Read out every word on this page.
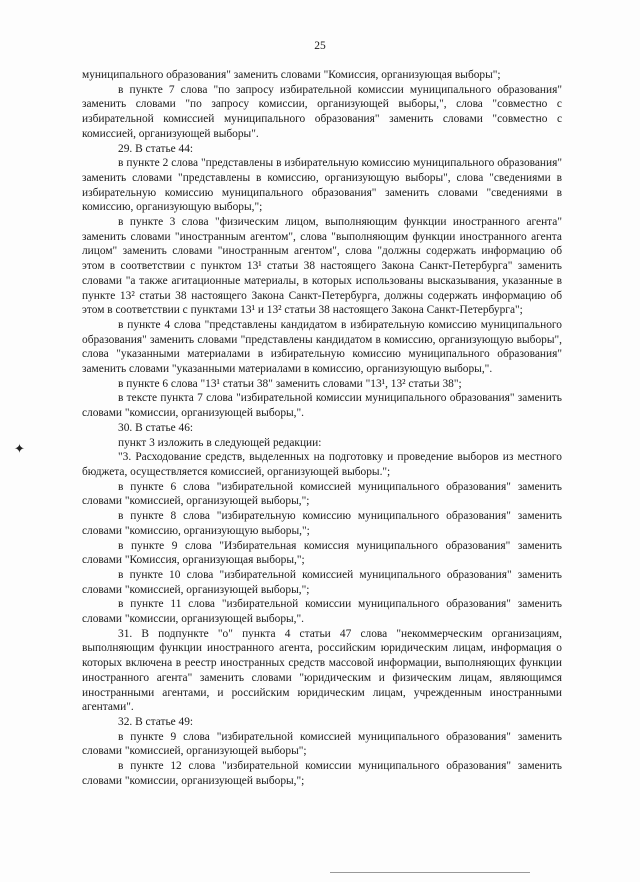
25
✦
муниципального образования" заменить словами "Комиссия, организующая выборы";
в пункте 7 слова "по запросу избирательной комиссии муниципального образования" заменить словами "по запросу комиссии, организующей выборы,", слова "совместно с избирательной комиссией муниципального образования" заменить словами "совместно с комиссией, организующей выборы".
29. В статье 44:
в пункте 2 слова "представлены в избирательную комиссию муниципального образования" заменить словами "представлены в комиссию, организующую выборы", слова "сведениями в избирательную комиссию муниципального образования" заменить словами "сведениями в комиссию, организующую выборы,";
в пункте 3 слова "физическим лицом, выполняющим функции иностранного агента" заменить словами "иностранным агентом", слова "выполняющим функции иностранного агента лицом" заменить словами "иностранным агентом", слова "должны содержать информацию об этом в соответствии с пунктом 13¹ статьи 38 настоящего Закона Санкт-Петербурга" заменить словами "а также агитационные материалы, в которых использованы высказывания, указанные в пункте 13² статьи 38 настоящего Закона Санкт-Петербурга, должны содержать информацию об этом в соответствии с пунктами 13¹ и 13² статьи 38 настоящего Закона Санкт-Петербурга";
в пункте 4 слова "представлены кандидатом в избирательную комиссию муниципального образования" заменить словами "представлены кандидатом в комиссию, организующую выборы", слова "указанными материалами в избирательную комиссию муниципального образования" заменить словами "указанными материалами в комиссию, организующую выборы,".
в пункте 6 слова "13¹ статьи 38" заменить словами "13¹, 13² статьи 38";
в тексте пункта 7 слова "избирательной комиссии муниципального образования" заменить словами "комиссии, организующей выборы,".
30. В статье 46:
пункт 3 изложить в следующей редакции:
"3. Расходование средств, выделенных на подготовку и проведение выборов из местного бюджета, осуществляется комиссией, организующей выборы.";
в пункте 6 слова "избирательной комиссией муниципального образования" заменить словами "комиссией, организующей выборы,";
в пункте 8 слова "избирательную комиссию муниципального образования" заменить словами "комиссию, организующую выборы,";
в пункте 9 слова "Избирательная комиссия муниципального образования" заменить словами "Комиссия, организующая выборы,";
в пункте 10 слова "избирательной комиссией муниципального образования" заменить словами "комиссией, организующей выборы,";
в пункте 11 слова "избирательной комиссии муниципального образования" заменить словами "комиссии, организующей выборы,".
31. В подпункте "о" пункта 4 статьи 47 слова "некоммерческим организациям, выполняющим функции иностранного агента, российским юридическим лицам, информация о которых включена в реестр иностранных средств массовой информации, выполняющих функции иностранного агента" заменить словами "юридическим и физическим лицам, являющимся иностранными агентами, и российским юридическим лицам, учрежденным иностранными агентами".
32. В статье 49:
в пункте 9 слова "избирательной комиссией муниципального образования" заменить словами "комиссией, организующей выборы";
в пункте 12 слова "избирательной комиссии муниципального образования" заменить словами "комиссии, организующей выборы,";
